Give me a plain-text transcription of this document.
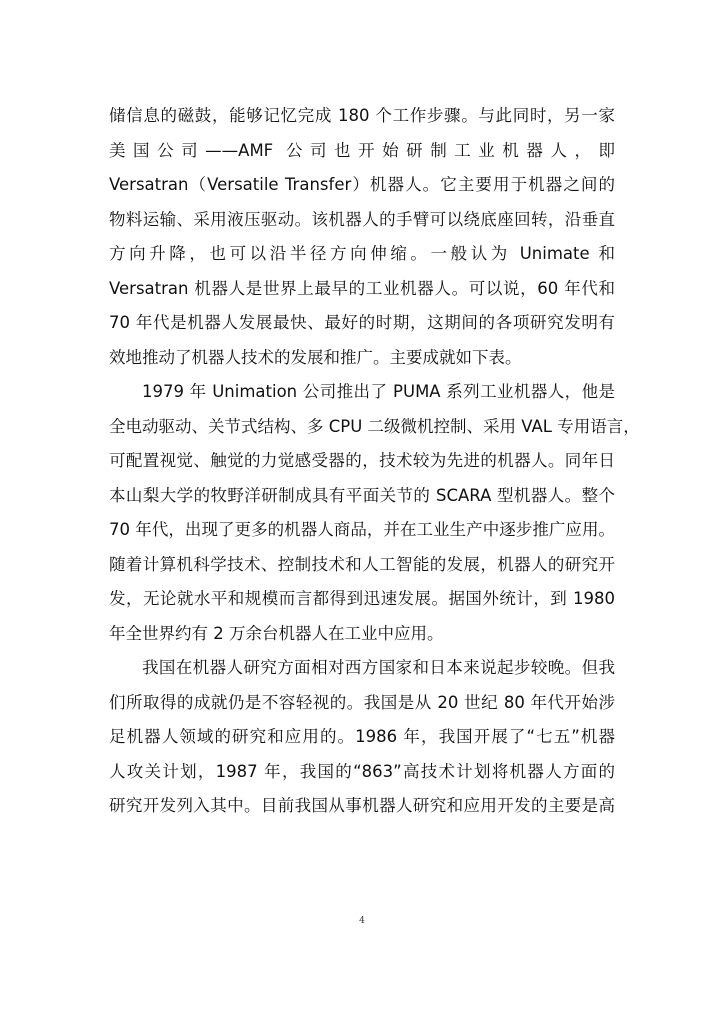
储信息的磁鼓，能够记忆完成 180 个工作步骤。与此同时，另一家
美国公司——AMF 公司也开始研制工业机器人，即
Versatran（Versatile Transfer）机器人。它主要用于机器之间的
物料运输、采用液压驱动。该机器人的手臂可以绕底座回转，沿垂直
方向升降，也可以沿半径方向伸缩。一般认为 Unimate 和
Versatran 机器人是世界上最早的工业机器人。可以说，60 年代和
70 年代是机器人发展最快、最好的时期，这期间的各项研究发明有
效地推动了机器人技术的发展和推广。主要成就如下表。
1979 年 Unimation 公司推出了 PUMA 系列工业机器人，他是
全电动驱动、关节式结构、多 CPU 二级微机控制、采用 VAL 专用语言，
可配置视觉、触觉的力觉感受器的，技术较为先进的机器人。同年日
本山梨大学的牧野洋研制成具有平面关节的 SCARA 型机器人。整个
70 年代，出现了更多的机器人商品，并在工业生产中逐步推广应用。
随着计算机科学技术、控制技术和人工智能的发展，机器人的研究开
发，无论就水平和规模而言都得到迅速发展。据国外统计，到 1980
年全世界约有 2 万余台机器人在工业中应用。
我国在机器人研究方面相对西方国家和日本来说起步较晚。但我
们所取得的成就仍是不容轻视的。我国是从 20 世纪 80 年代开始涉
足机器人领域的研究和应用的。1986 年，我国开展了“七五”机器
人攻关计划，1987 年，我国的“863”高技术计划将机器人方面的
研究开发列入其中。目前我国从事机器人研究和应用开发的主要是高
4
